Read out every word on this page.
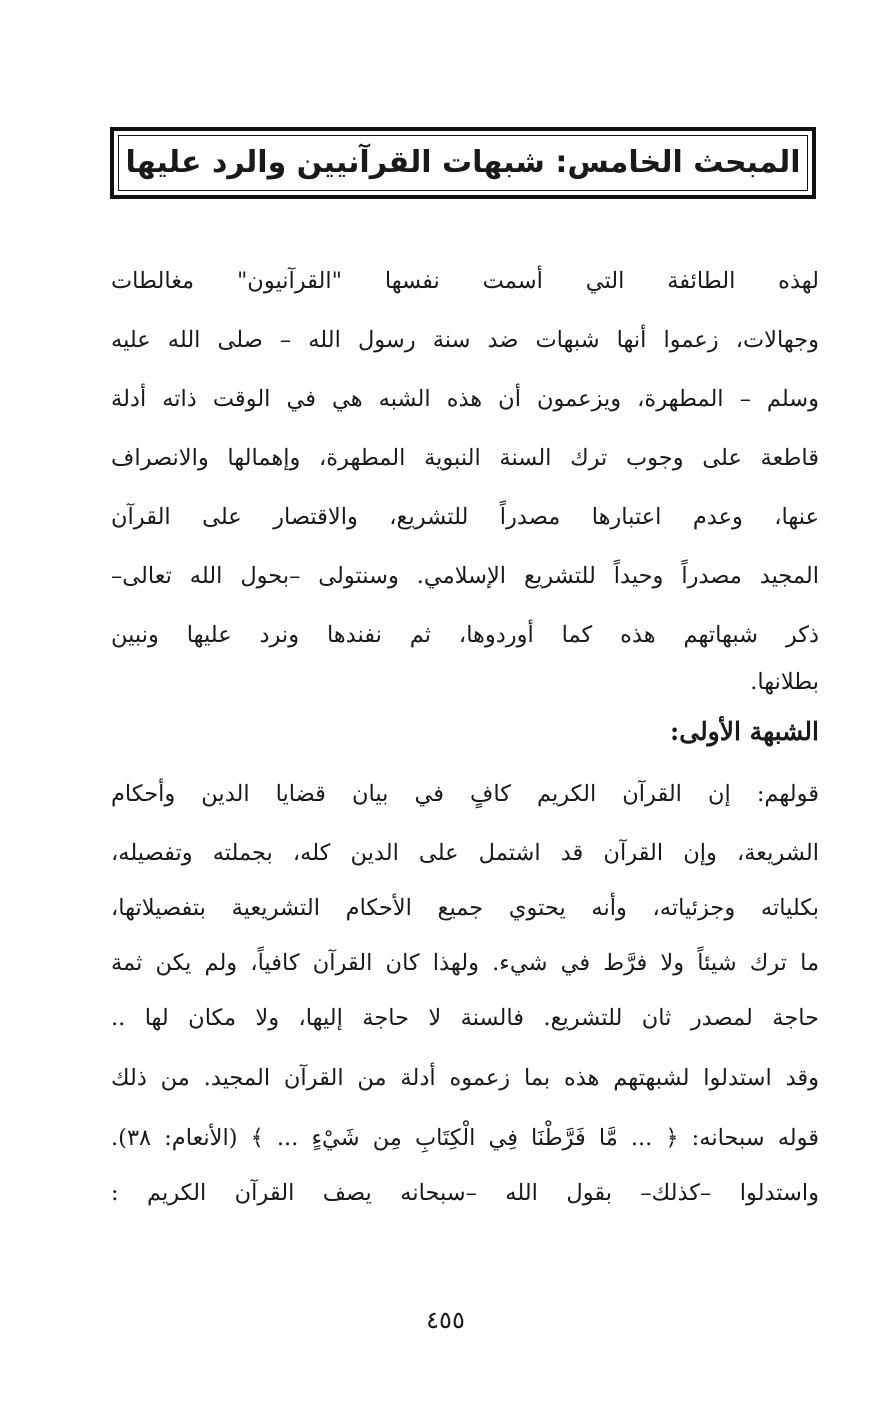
المبحث الخامس: شبهات القرآنيين والرد عليها
لهذه الطائفة التي أسمت نفسها "القرآنيون" مغالطات
وجهالات، زعموا أنها شبهات ضد سنة رسول الله – صلى الله عليه
وسلم – المطهرة، ويزعمون أن هذه الشبه هي في الوقت ذاته أدلة
قاطعة على وجوب ترك السنة النبوية المطهرة، وإهمالها والانصراف
عنها، وعدم اعتبارها مصدراً للتشريع، والاقتصار على القرآن
المجيد مصدراً وحيداً للتشريع الإسلامي. وسنتولى –بحول الله تعالى–
ذكر شبهاتهم هذه كما أوردوها، ثم نفندها ونرد عليها ونبين
بطلانها.
الشبهة الأولى:
قولهم: إن القرآن الكريم كافٍ في بيان قضايا الدين وأحكام
الشريعة، وإن القرآن قد اشتمل على الدين كله، بجملته وتفصيله،
بكلياته وجزئياته، وأنه يحتوي جميع الأحكام التشريعية بتفصيلاتها،
ما ترك شيئاً ولا فرَّط في شيء. ولهذا كان القرآن كافياً، ولم يكن ثمة
حاجة لمصدر ثان للتشريع. فالسنة لا حاجة إليها، ولا مكان لها ..
وقد استدلوا لشبهتهم هذه بما زعموه أدلة من القرآن المجيد. من ذلك
قوله سبحانه: ﴿ ... مَّا فَرَّطْنَا فِي الْكِتَابِ مِن شَيْءٍ ... ﴾ (الأنعام: ٣٨).
واستدلوا –كذلك– بقول الله –سبحانه يصف القرآن الكريم :
٤٥٥
